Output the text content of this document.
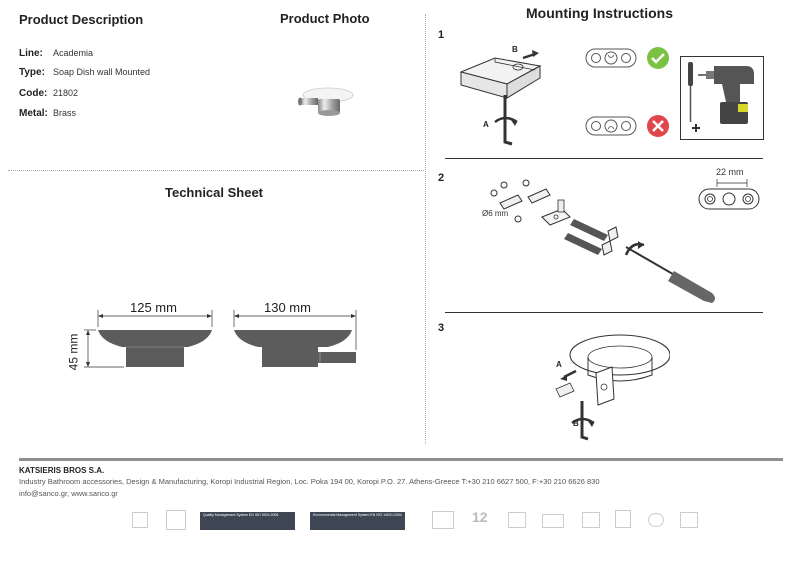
Product Description
Line: Academia
Type: Soap Dish wall Mounted
Code: 21802
Metal: Brass
Product Photo
Technical Sheet
125 mm	130 mm
45 mm
Mounting Instructions
1
B
A
2
Ø6 mm
22 mm
3
A
B
KATSIERIS BROS S.A.
Industry Bathroom accessories, Design & Manufacturing, Koropi Industrial Region, Loc. Poka 194 00, Koropi P.O. 27. Athens-Greece T:+30 210 6627 500, F:+30 210 6626 830
info@sanco.gr, www.sanco.gr
Quality Management System EN ISO 9001:2008	Environmental Management System EN ISO 14001:2004	12
